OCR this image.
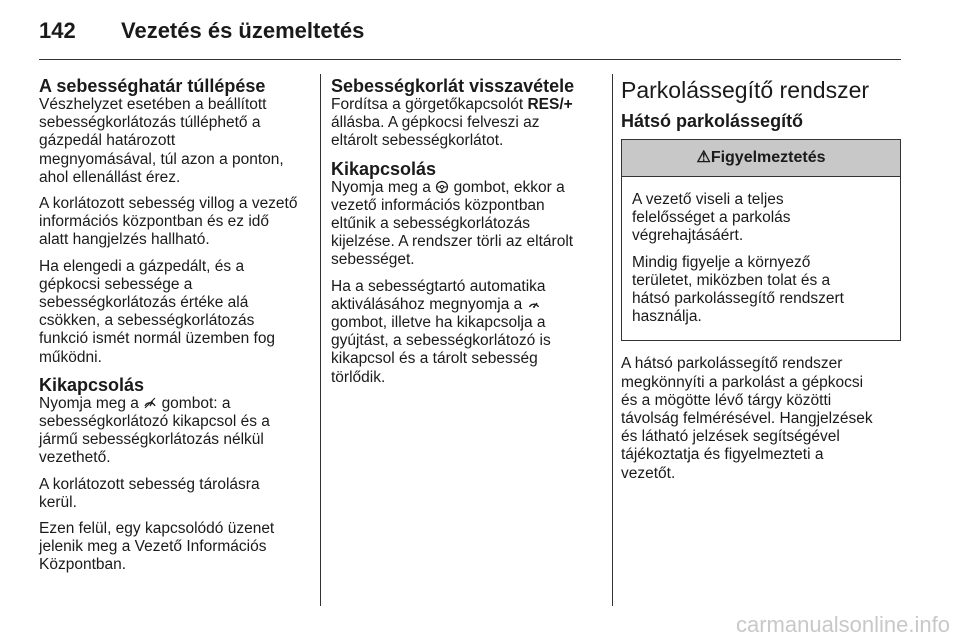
142 Vezetés és üzemeltetés
A sebességhatár túllépése

Vészhelyzet esetében a beállított
sebességkorlátozás túlléphető a
gázpedál határozott
megnyomásával, túl azon a ponton,
ahol ellenállást érez.

A korlátozott sebesség villog a vezető
információs központban és ez idő
alatt hangjelzés hallható.

Ha elengedi a gázpedált, és a
gépkocsi sebessége a
sebességkorlátozás értéke alá
csökken, a sebességkorlátozás
funkció ismét normál üzemben fog
működni.

Kikapcsolás

Nyomja meg a gombot: a
sebességkorlátozó kikapcsol és a
jármű sebességkorlátozás nélkül
vezethető.

A korlátozott sebesség tárolásra
kerül.

Ezen felül, egy kapcsolódó üzenet
jelenik meg a Vezető Információs
Központban.

Sebességkorlát visszavétele

Fordítsa a görgetőkapcsolót RES/+
állásba. A gépkocsi felveszi az
eltárolt sebességkorlátot.

Kikapcsolás

Nyomja meg a gombot, ekkor a
vezető információs központban
eltűnik a sebességkorlátozás
kijelzése. A rendszer törli az eltárolt
sebességet.

Ha a sebességtartó automatika
aktiválásához megnyomja a
gombot, illetve ha kikapcsolja a
gyújtást, a sebességkorlátozó is
kikapcsol és a tárolt sebesség
törlődik.

Parkolássegítő rendszer
Hátsó parkolássegítő
⚠ Figyelmeztetés

A vezető viseli a teljes
felelősséget a parkolás
végrehajtásáért.

Mindig figyelje a környező
területet, miközben tolat és a
hátsó parkolássegítő rendszert
használja.

A hátsó parkolássegítő rendszer
megkönnyíti a parkolást a gépkocsi
és a mögötte lévő tárgy közötti
távolság felmérésével. Hangjelzések
és látható jelzések segítségével
tájékoztatja és figyelmezteti a
vezetőt.

carmanualsonline.info
